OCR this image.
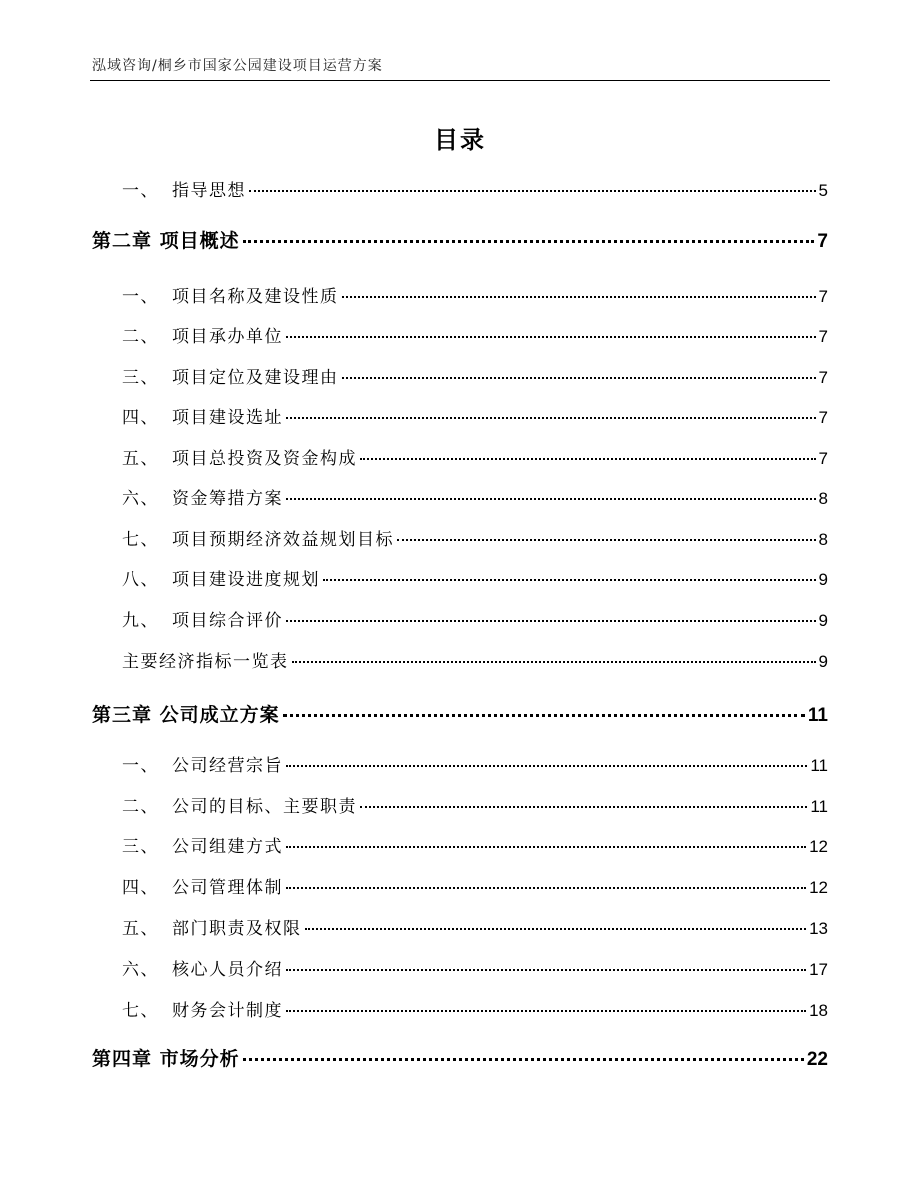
泓域咨询/桐乡市国家公园建设项目运营方案
目录
一、 指导思想	5
第二章 项目概述	7
一、 项目名称及建设性质	7
二、 项目承办单位	7
三、 项目定位及建设理由	7
四、 项目建设选址	7
五、 项目总投资及资金构成	7
六、 资金筹措方案	8
七、 项目预期经济效益规划目标	8
八、 项目建设进度规划	9
九、 项目综合评价	9
主要经济指标一览表	9
第三章 公司成立方案	11
一、 公司经营宗旨	11
二、 公司的目标、主要职责	11
三、 公司组建方式	12
四、 公司管理体制	12
五、 部门职责及权限	13
六、 核心人员介绍	17
七、 财务会计制度	18
第四章 市场分析	22
